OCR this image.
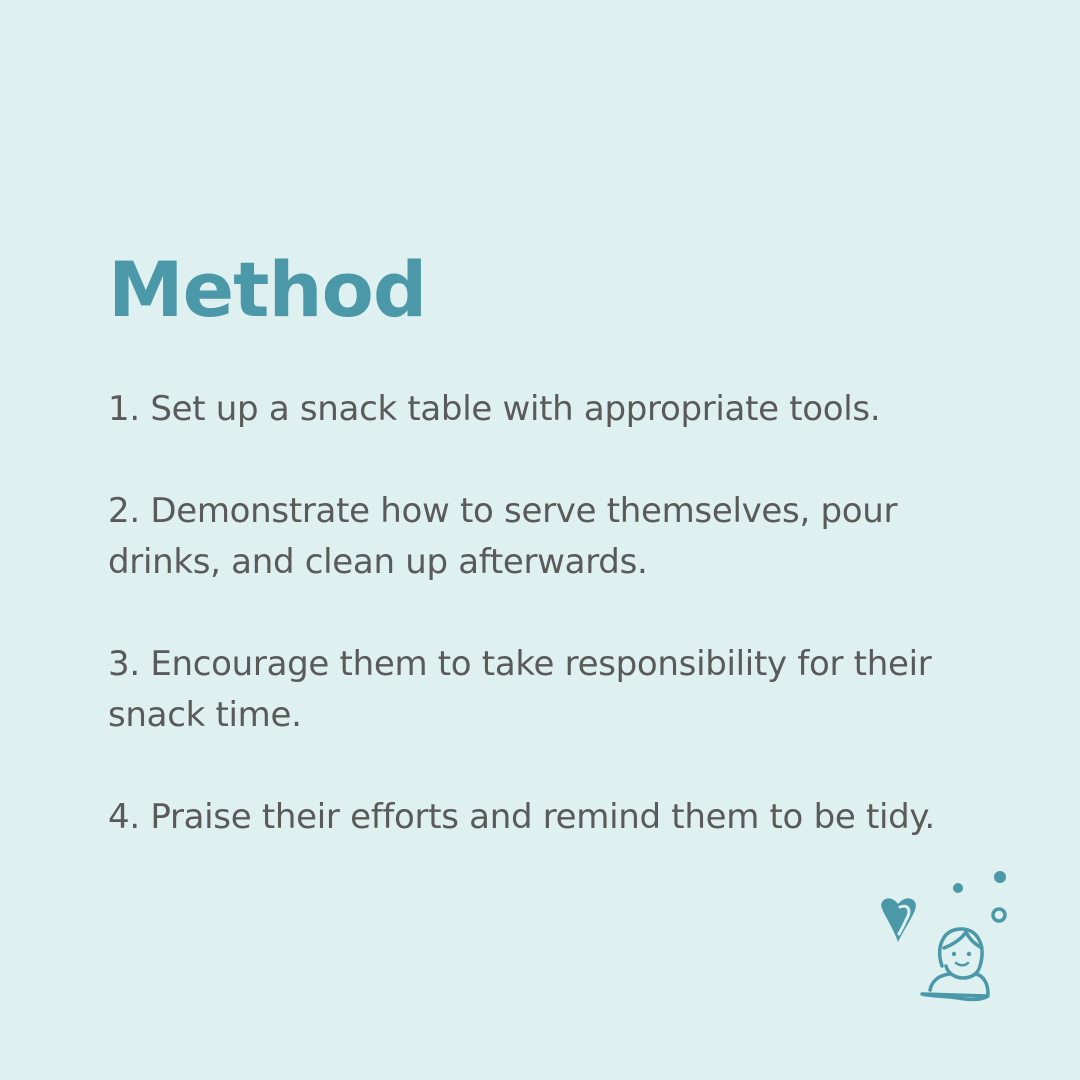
Method
1. Set up a snack table with appropriate tools.
2. Demonstrate how to serve themselves, pour drinks, and clean up afterwards.
3. Encourage them to take responsibility for their snack time.
4. Praise their efforts and remind them to be tidy.
